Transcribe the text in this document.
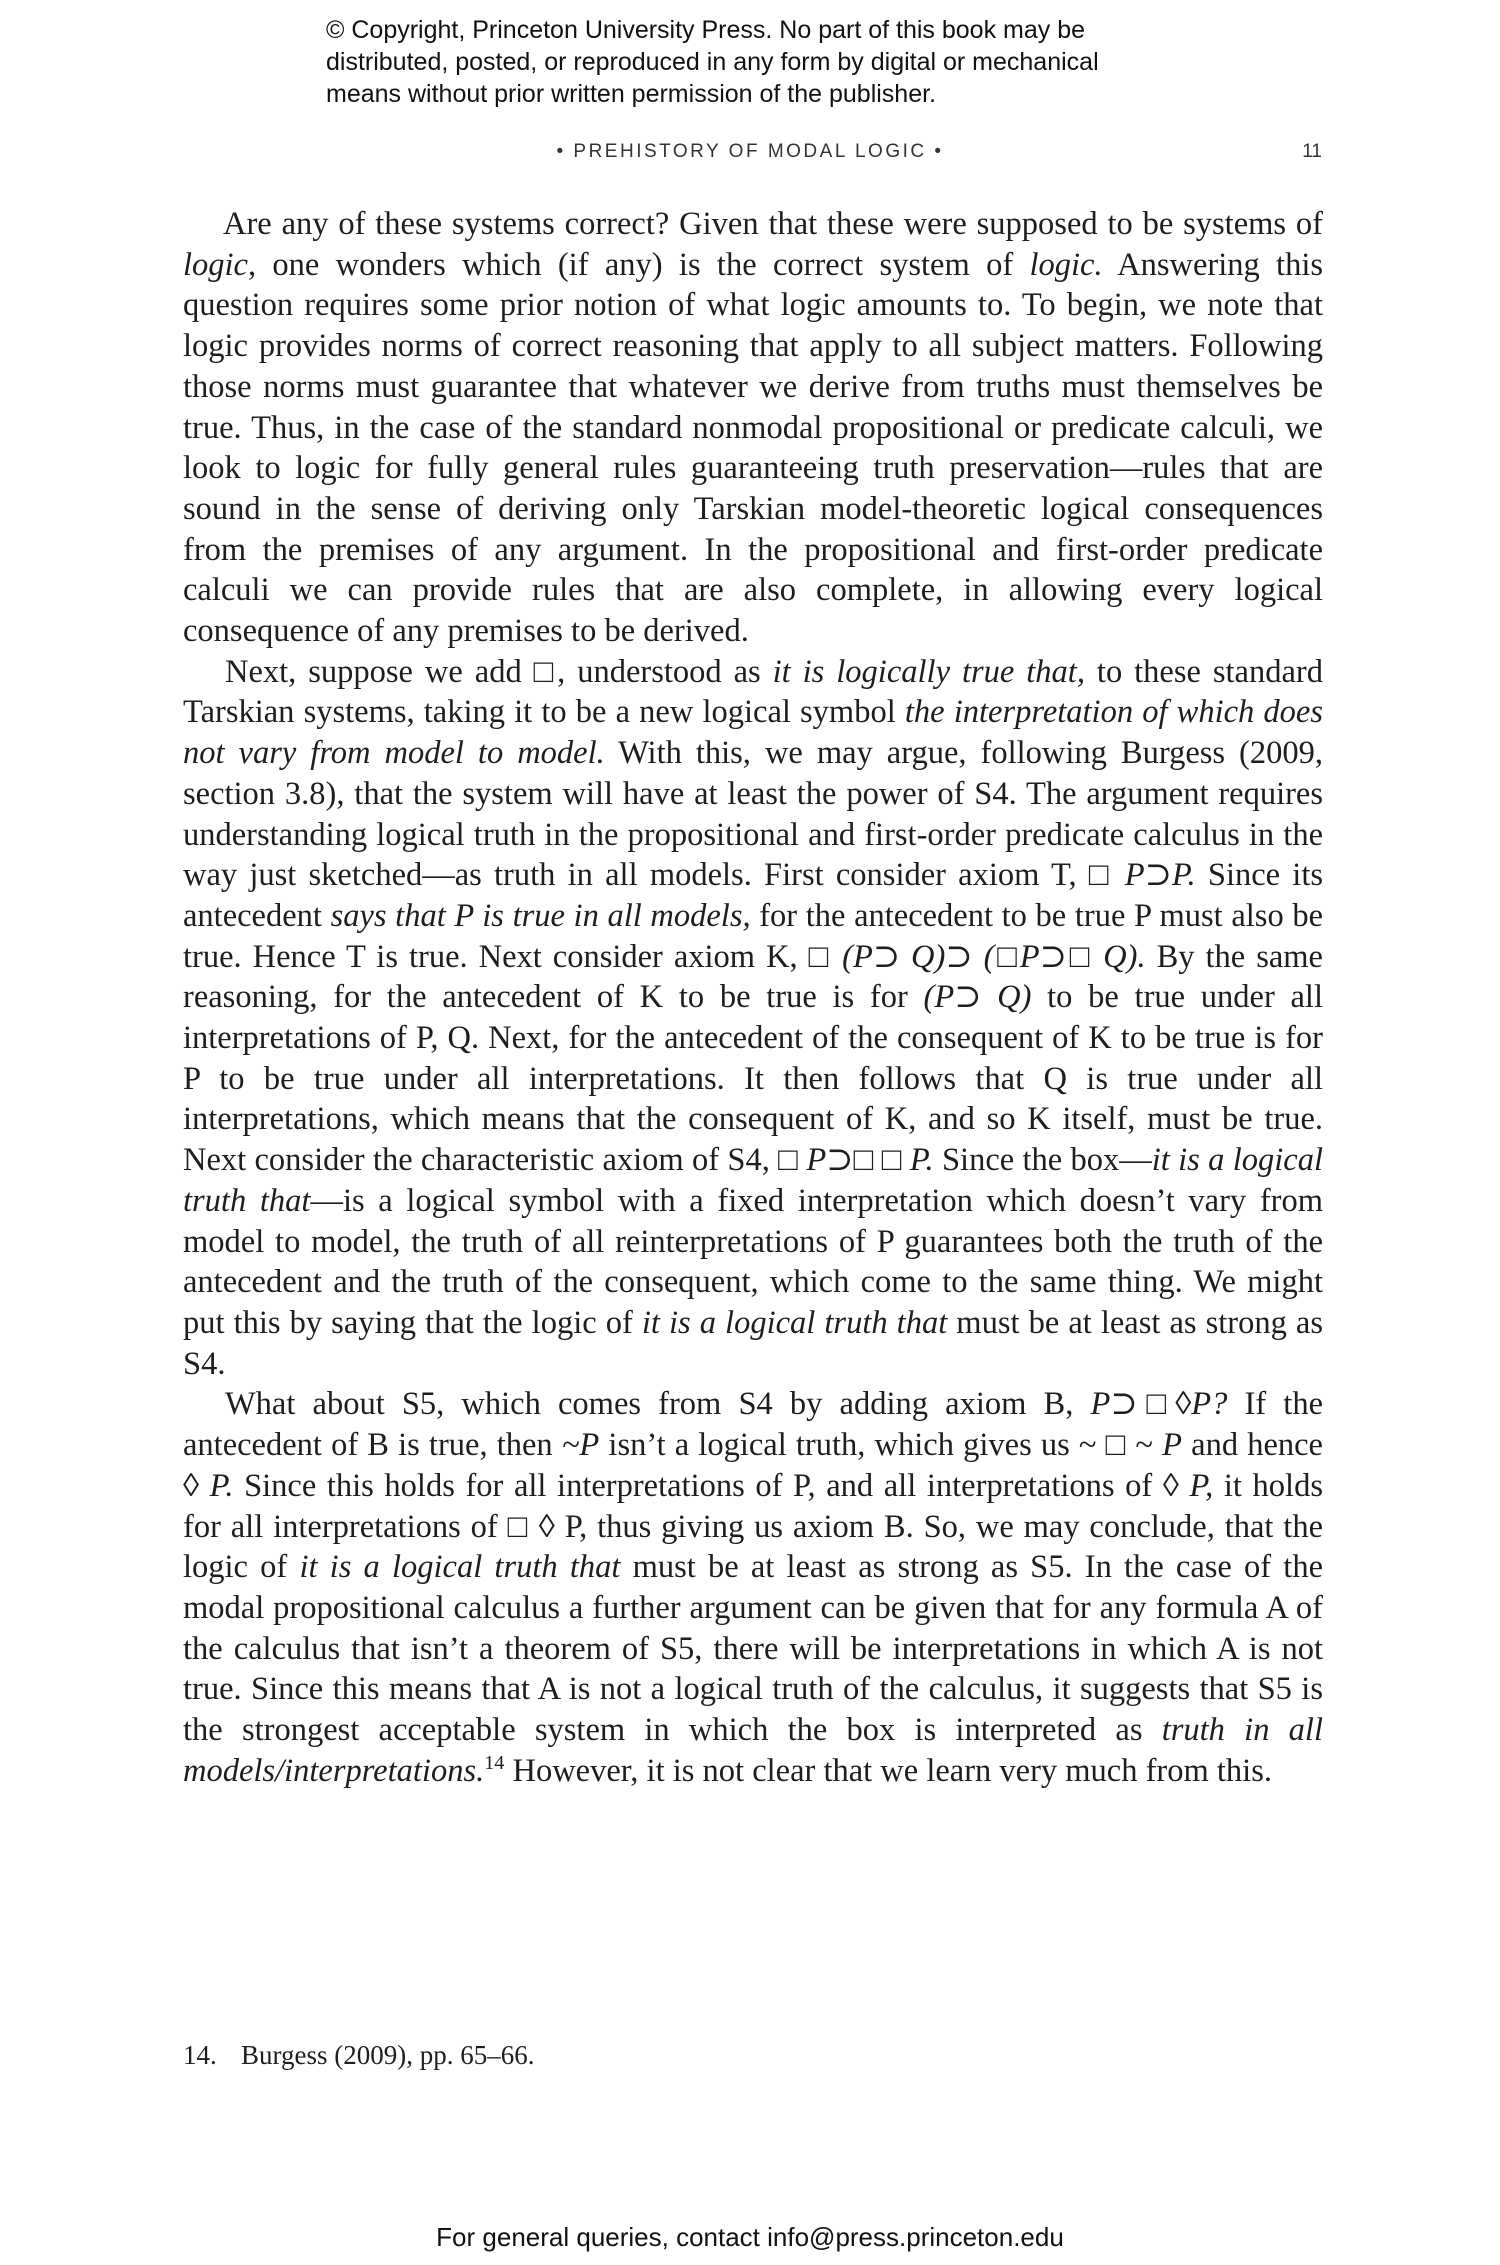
© Copyright, Princeton University Press. No part of this book may be
distributed, posted, or reproduced in any form by digital or mechanical
means without prior written permission of the publisher.
• PREHISTORY OF MODAL LOGIC •	11

Are any of these systems correct? Given that these were supposed to be systems of logic, one wonders which (if any) is the correct system of logic. Answering this question requires some prior notion of what logic amounts to. To begin, we note that logic provides norms of correct reasoning that apply to all subject matters. Following those norms must guarantee that whatever we derive from truths must themselves be true. Thus, in the case of the standard nonmodal propositional or predicate calculi, we look to logic for fully general rules guaranteeing truth preservation—rules that are sound in the sense of deriving only Tarskian model-theoretic logical consequences from the premises of any argument. In the propositional and first-order predicate calculi we can provide rules that are also complete, in allowing every logical consequence of any premises to be derived.

Next, suppose we add □, understood as it is logically true that, to these standard Tarskian systems, taking it to be a new logical symbol the interpretation of which does not vary from model to model. With this, we may argue, following Burgess (2009, section 3.8), that the system will have at least the power of S4. The argument requires understanding logical truth in the propositional and first-order predicate calculus in the way just sketched—as truth in all models. First consider axiom T, □ P⊃P. Since its antecedent says that P is true in all models, for the antecedent to be true P must also be true. Hence T is true. Next consider axiom K, □ (P⊃ Q)⊃ (□P⊃□ Q). By the same reasoning, for the antecedent of K to be true is for (P⊃ Q) to be true under all interpretations of P, Q. Next, for the antecedent of the consequent of K to be true is for P to be true under all interpretations. It then follows that Q is true under all interpretations, which means that the consequent of K, and so K itself, must be true. Next consider the characteristic axiom of S4, □ P⊃□ □ P. Since the box—it is a logical truth that—is a logical symbol with a fixed interpretation which doesn’t vary from model to model, the truth of all reinterpretations of P guarantees both the truth of the antecedent and the truth of the consequent, which come to the same thing. We might put this by saying that the logic of it is a logical truth that must be at least as strong as S4.

What about S5, which comes from S4 by adding axiom B, P⊃□◊P? If the antecedent of B is true, then ~P isn’t a logical truth, which gives us ~ □ ~ P and hence ◊ P. Since this holds for all interpretations of P, and all interpretations of ◊ P, it holds for all interpretations of □ ◊ P, thus giving us axiom B. So, we may conclude, that the logic of it is a logical truth that must be at least as strong as S5. In the case of the modal propositional calculus a further argument can be given that for any formula A of the calculus that isn’t a theorem of S5, there will be interpretations in which A is not true. Since this means that A is not a logical truth of the calculus, it suggests that S5 is the strongest acceptable system in which the box is interpreted as truth in all models/interpretations.$^{14}$ However, it is not clear that we learn very much from this.

14. Burgess (2009), pp. 65–66.
For general queries, contact info@press.princeton.edu
